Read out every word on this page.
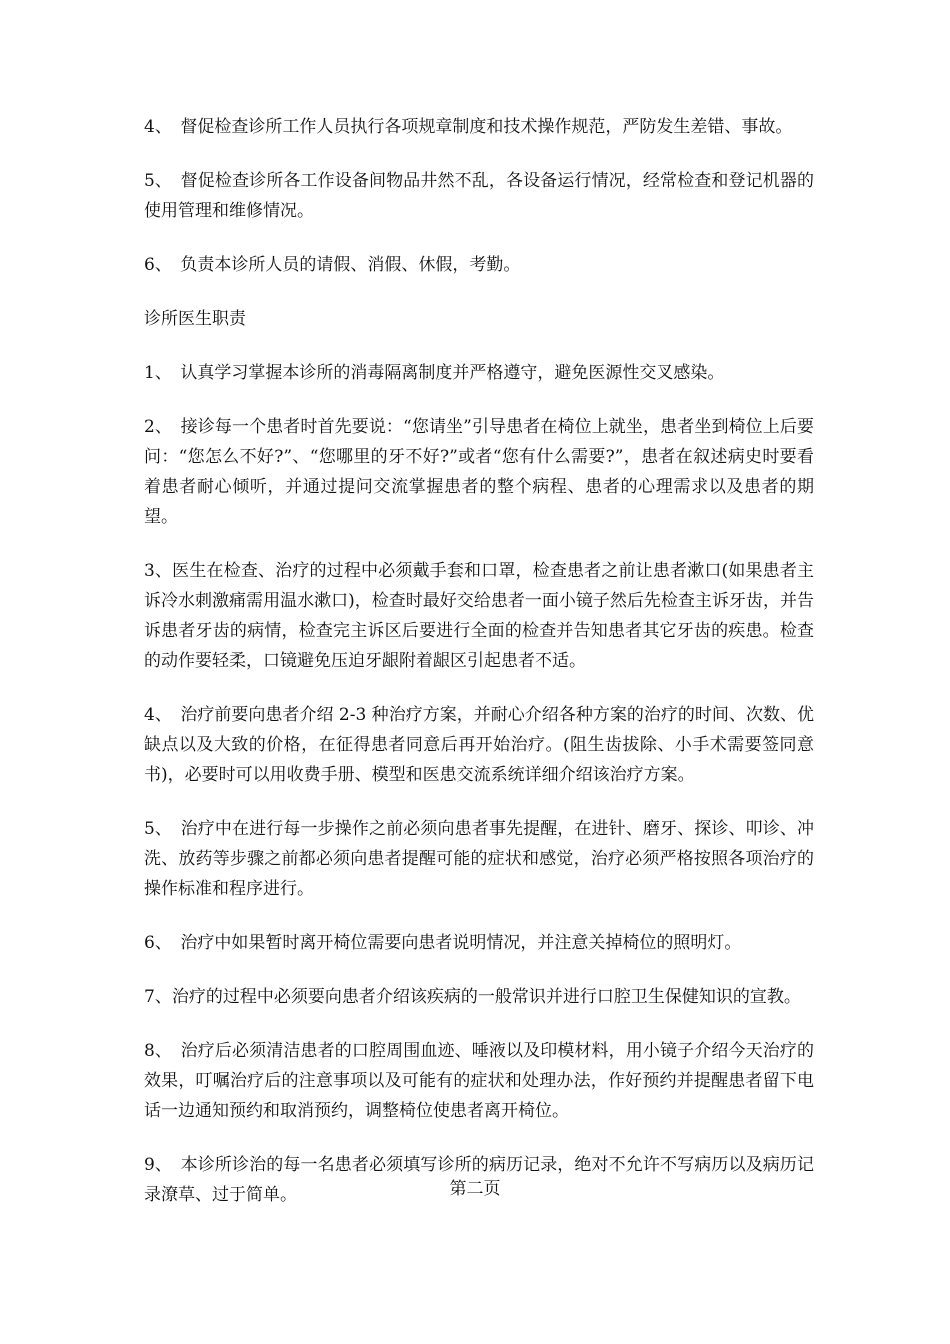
4、　督促检查诊所工作人员执行各项规章制度和技术操作规范，严防发生差错、事故。

5、　督促检查诊所各工作设备间物品井然不乱，各设备运行情况，经常检查和登记机器的使用管理和维修情况。

6、　负责本诊所人员的请假、消假、休假，考勤。

诊所医生职责

1、　认真学习掌握本诊所的消毒隔离制度并严格遵守，避免医源性交叉感染。

2、　接诊每一个患者时首先要说：“您请坐”引导患者在椅位上就坐，患者坐到椅位上后要问：“您怎么不好?”、“您哪里的牙不好?”或者“您有什么需要?”，患者在叙述病史时要看着患者耐心倾听，并通过提问交流掌握患者的整个病程、患者的心理需求以及患者的期望。

3、医生在检查、治疗的过程中必须戴手套和口罩，检查患者之前让患者漱口(如果患者主诉冷水刺激痛需用温水漱口)，检查时最好交给患者一面小镜子然后先检查主诉牙齿，并告诉患者牙齿的病情，检查完主诉区后要进行全面的检查并告知患者其它牙齿的疾患。检查的动作要轻柔，口镜避免压迫牙龈附着龈区引起患者不适。

4、　治疗前要向患者介绍 2-3 种治疗方案，并耐心介绍各种方案的治疗的时间、次数、优缺点以及大致的价格，在征得患者同意后再开始治疗。(阻生齿拔除、小手术需要签同意书)，必要时可以用收费手册、模型和医患交流系统详细介绍该治疗方案。

5、　治疗中在进行每一步操作之前必须向患者事先提醒，在进针、磨牙、探诊、叩诊、冲洗、放药等步骤之前都必须向患者提醒可能的症状和感觉，治疗必须严格按照各项治疗的操作标准和程序进行。

6、　治疗中如果暂时离开椅位需要向患者说明情况，并注意关掉椅位的照明灯。

7、治疗的过程中必须要向患者介绍该疾病的一般常识并进行口腔卫生保健知识的宣教。

8、　治疗后必须清洁患者的口腔周围血迹、唾液以及印模材料，用小镜子介绍今天治疗的效果，叮嘱治疗后的注意事项以及可能有的症状和处理办法，作好预约并提醒患者留下电话一边通知预约和取消预约，调整椅位使患者离开椅位。

9、　本诊所诊治的每一名患者必须填写诊所的病历记录，绝对不允许不写病历以及病历记录潦草、过于简单。	第二页
